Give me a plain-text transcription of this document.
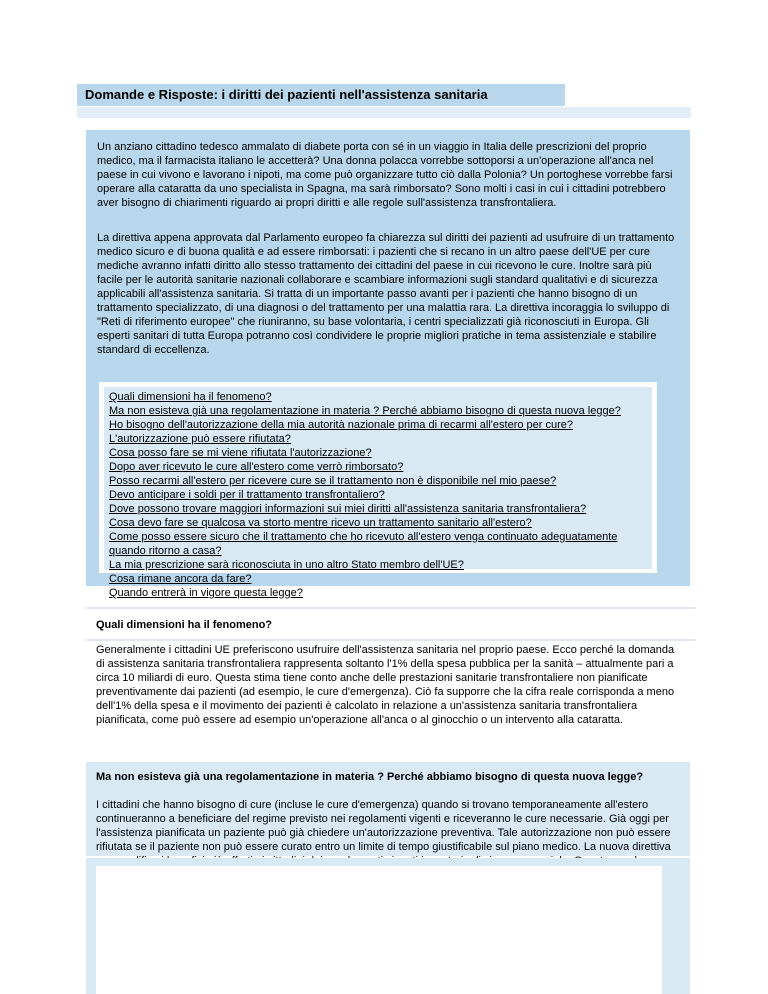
Domande e Risposte: i diritti dei pazienti nell'assistenza sanitaria

Un anziano cittadino tedesco ammalato di diabete porta con sé in un viaggio in Italia delle prescrizioni del proprio medico, ma il farmacista italiano le accetterà? Una donna polacca vorrebbe sottoporsi a un'operazione all'anca nel paese in cui vivono e lavorano i nipoti, ma come può organizzare tutto ciò dalla Polonia? Un portoghese vorrebbe farsi operare alla cataratta da uno specialista in Spagna, ma sarà rimborsato? Sono molti i casi in cui i cittadini potrebbero aver bisogno di chiarimenti riguardo ai propri diritti e alle regole sull'assistenza transfrontaliera.

La direttiva appena approvata dal Parlamento europeo fa chiarezza sul diritti dei pazienti ad usufruire di un trattamento medico sicuro e di buona qualità e ad essere rimborsati: i pazienti che si recano in un altro paese dell'UE per cure mediche avranno infatti diritto allo stesso trattamento dei cittadini del paese in cui ricevono le cure. Inoltre sarà più facile per le autorità sanitarie nazionali collaborare e scambiare informazioni sugli standard qualitativi e di sicurezza applicabili all'assistenza sanitaria. Si tratta di un importante passo avanti per i pazienti che hanno bisogno di un trattamento specializzato, di una diagnosi o del trattamento per una malattia rara. La direttiva incoraggia lo sviluppo di "Reti di riferimento europee" che riuniranno, su base volontaria, i centri specializzati già riconosciuti in Europa. Gli esperti sanitari di tutta Europa potranno così condividere le proprie migliori pratiche in tema assistenziale e stabilire standard di eccellenza.

Quali dimensioni ha il fenomeno?
Ma non esisteva già una regolamentazione in materia ? Perché abbiamo bisogno di questa nuova legge?
Ho bisogno dell'autorizzazione della mia autorità nazionale prima di recarmi all'estero per cure?
L'autorizzazione può essere rifiutata?
Cosa posso fare se mi viene rifiutata l'autorizzazione?
Dopo aver ricevuto le cure all'estero come verrò rimborsato?
Posso recarmi all'estero per ricevere cure se il trattamento non è disponibile nel mio paese?
Devo anticipare i soldi per il trattamento transfrontaliero?
Dove possono trovare maggiori informazioni sui miei diritti all'assistenza sanitaria transfrontaliera?
Cosa devo fare se qualcosa va storto mentre ricevo un trattamento sanitario all'estero?
Come posso essere sicuro che il trattamento che ho ricevuto all'estero venga continuato adeguatamente quando ritorno a casa?
La mia prescrizione sarà riconosciuta in uno altro Stato membro dell'UE?
Cosa rimane ancora da fare?
Quando entrerà in vigore questa legge?
Quali dimensioni ha il fenomeno?

Generalmente i cittadini UE preferiscono usufruire dell'assistenza sanitaria nel proprio paese. Ecco perché la domanda di assistenza sanitaria transfrontaliera rappresenta soltanto l'1% della spesa pubblica per la sanità – attualmente pari a circa 10 miliardi di euro. Questa stima tiene conto anche delle prestazioni sanitarie transfrontaliere non pianificate preventivamente dai pazienti (ad esempio, le cure d'emergenza). Ciò fa supporre che la cifra reale corrisponda a meno dell'1% della spesa e il movimento dei pazienti è calcolato in relazione a un'assistenza sanitaria transfrontaliera pianificata, come può essere ad esempio un'operazione all'anca o al ginocchio o un intervento alla cataratta.

Ma non esisteva già una regolamentazione in materia ? Perché abbiamo bisogno di questa nuova legge?

I cittadini che hanno bisogno di cure (incluse le cure d'emergenza) quando si trovano temporaneamente all'estero continueranno a beneficiare del regime previsto nei regolamenti vigenti e riceveranno le cure necessarie. Già oggi per l'assistenza pianificata un paziente può già chiedere un'autorizzazione preventiva. Tale autorizzazione non può essere rifiutata se il paziente non può essere curato entro un limite di tempo giustificabile sul piano medico. La nuova direttiva
